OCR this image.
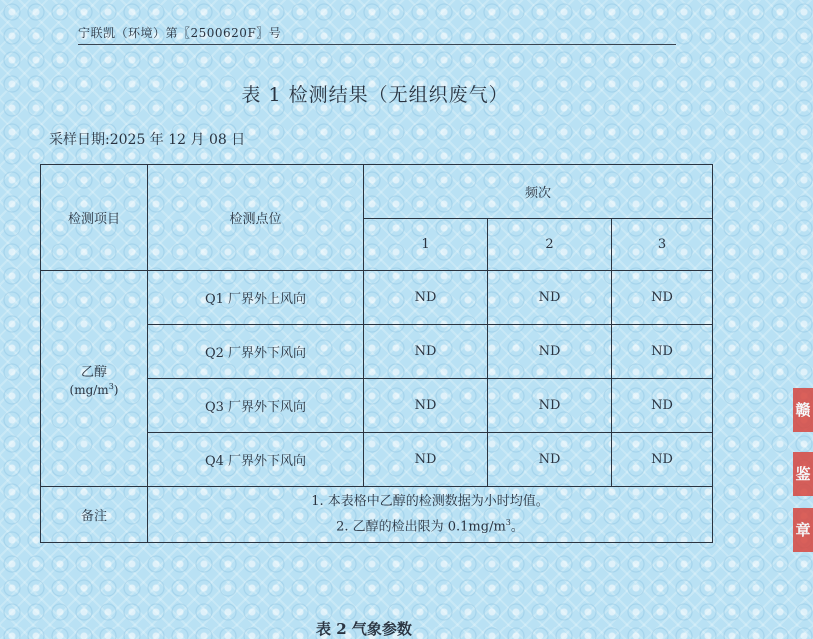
宁联凯（环境）第〖2500620F〗号
表 1 检测结果（无组织废气）
采样日期:2025 年 12 月 08 日
检测项目	检测点位	频次		
		1	2	3

乙醇
$(mg/m^3)$	Q1 厂界外上风向	ND	ND	ND
	Q2 厂界外下风向	ND	ND	ND
	Q3 厂界外下风向	ND	ND	ND
	Q4 厂界外下风向	ND	ND	ND
备注	1. 本表格中乙醇的检测数据为小时均值。
2. 乙醇的检出限为 $0.1mg/m^3$。			
表 2 气象参数
赣
鉴
章
